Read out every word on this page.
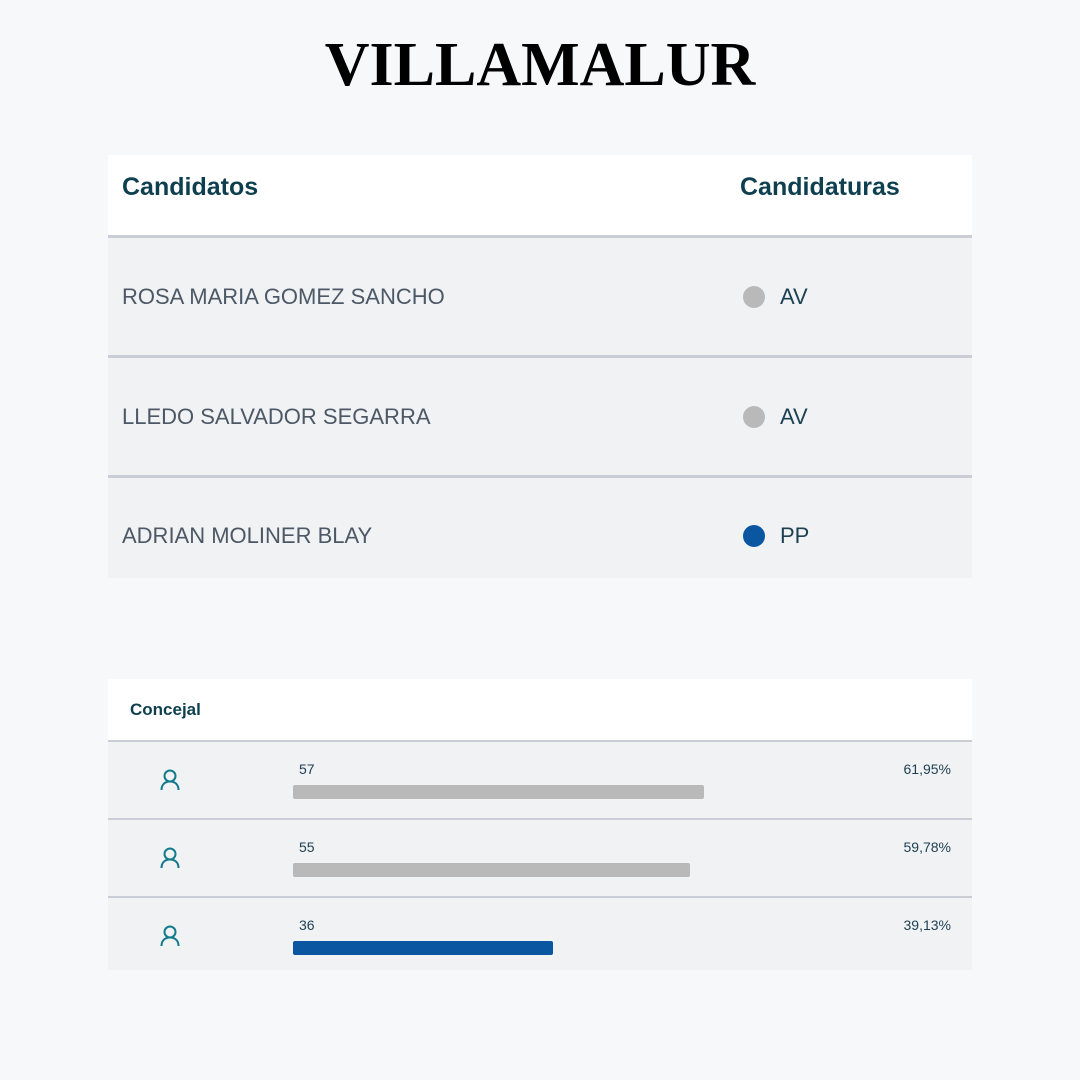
VILLAMALUR
Candidatos	Candidaturas
ROSA MARIA GOMEZ SANCHO	AV
LLEDO SALVADOR SEGARRA	AV
ADRIAN MOLINER BLAY	PP
Concejal
57	61,95%
55	59,78%
36	39,13%
